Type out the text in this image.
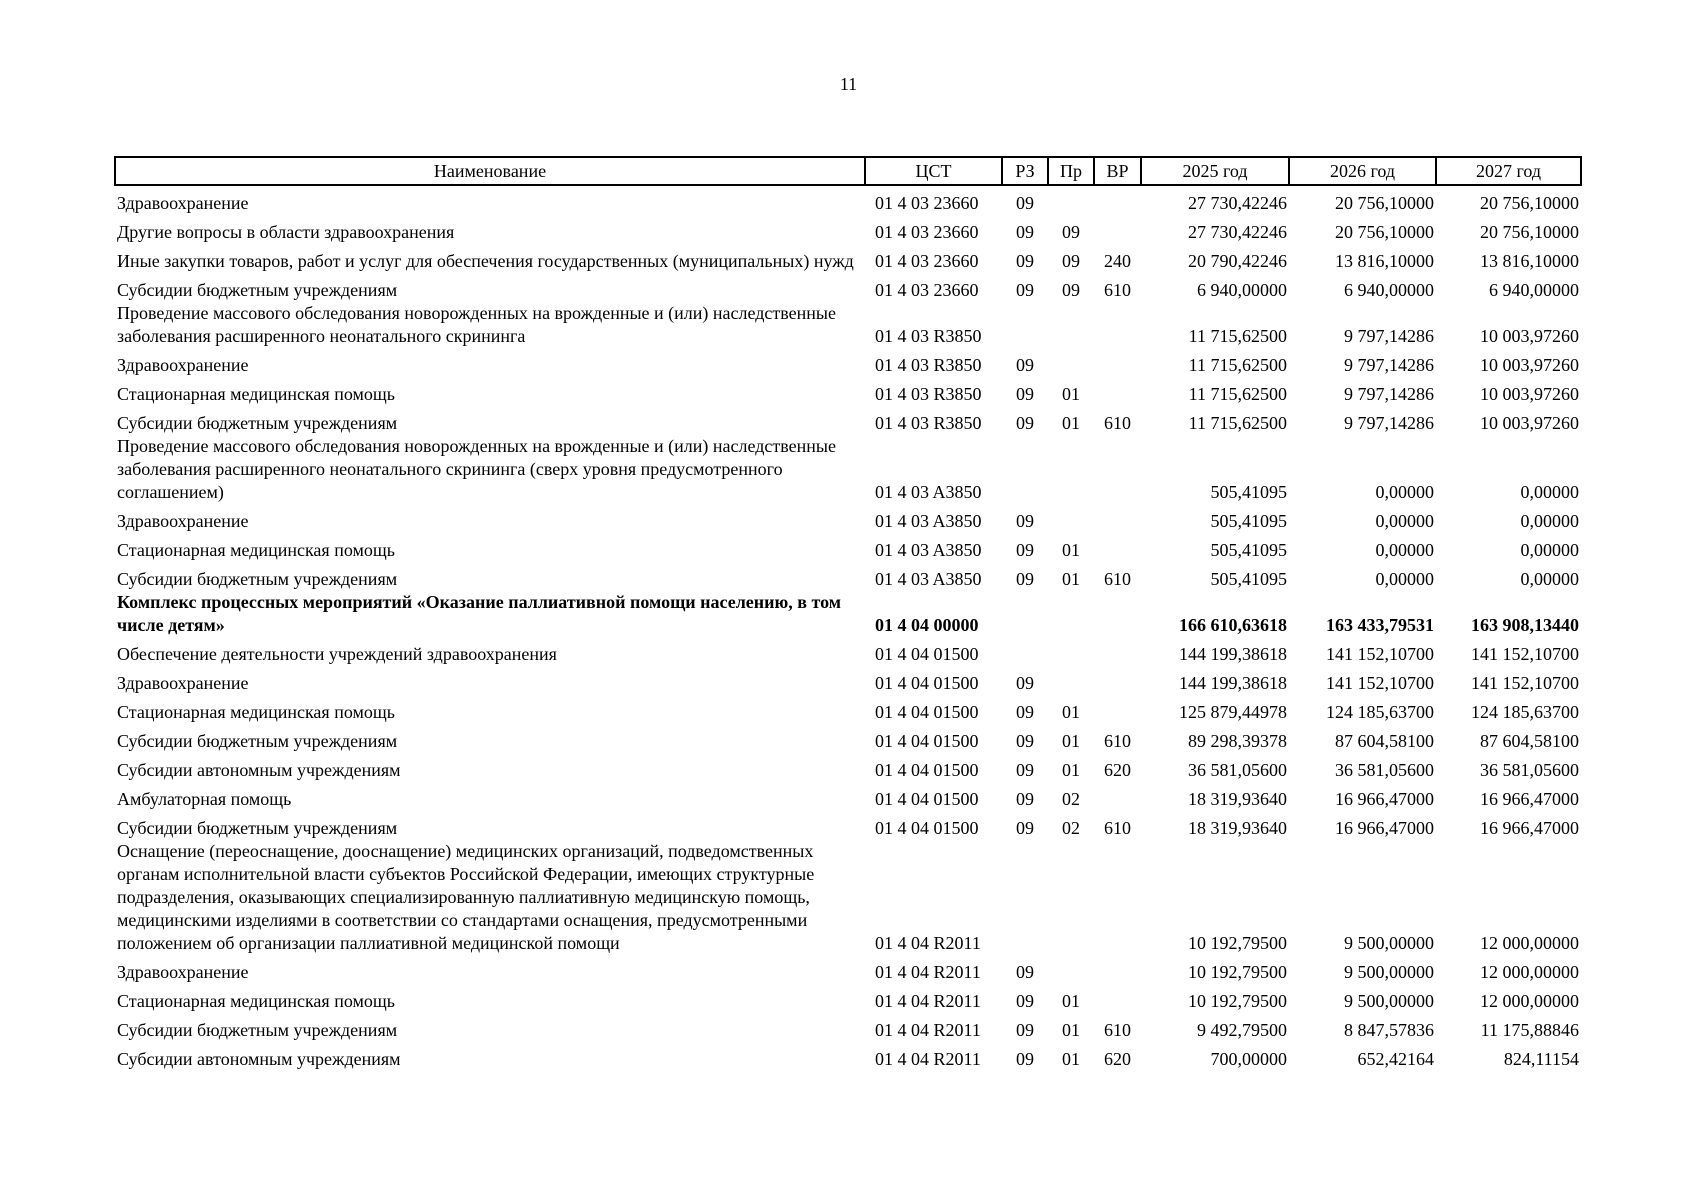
11
Наименование	ЦСТ	РЗ	Пр	ВР	2025 год	2026 год	2027 год
Здравоохранение	01 4 03 23660	09			27 730,42246	20 756,10000	20 756,10000
Другие вопросы в области здравоохранения	01 4 03 23660	09	09		27 730,42246	20 756,10000	20 756,10000
Иные закупки товаров, работ и услуг для обеспечения государственных (муниципальных) нужд	01 4 03 23660	09	09	240	20 790,42246	13 816,10000	13 816,10000
Субсидии бюджетным учреждениям	01 4 03 23660	09	09	610	6 940,00000	6 940,00000	6 940,00000
Проведение массового обследования новорожденных на врожденные и (или) наследственные заболевания расширенного неонатального скрининга	01 4 03 R3850				11 715,62500	9 797,14286	10 003,97260
Здравоохранение	01 4 03 R3850	09			11 715,62500	9 797,14286	10 003,97260
Стационарная медицинская помощь	01 4 03 R3850	09	01		11 715,62500	9 797,14286	10 003,97260
Субсидии бюджетным учреждениям	01 4 03 R3850	09	01	610	11 715,62500	9 797,14286	10 003,97260
Проведение массового обследования новорожденных на врожденные и (или) наследственные заболевания расширенного неонатального скрининга (сверх уровня предусмотренного соглашением)	01 4 03 A3850				505,41095	0,00000	0,00000
Здравоохранение	01 4 03 A3850	09			505,41095	0,00000	0,00000
Стационарная медицинская помощь	01 4 03 A3850	09	01		505,41095	0,00000	0,00000
Субсидии бюджетным учреждениям	01 4 03 A3850	09	01	610	505,41095	0,00000	0,00000
Комплекс процессных мероприятий «Оказание паллиативной помощи населению, в том числе детям»	01 4 04 00000				166 610,63618	163 433,79531	163 908,13440
Обеспечение деятельности учреждений здравоохранения	01 4 04 01500				144 199,38618	141 152,10700	141 152,10700
Здравоохранение	01 4 04 01500	09			144 199,38618	141 152,10700	141 152,10700
Стационарная медицинская помощь	01 4 04 01500	09	01		125 879,44978	124 185,63700	124 185,63700
Субсидии бюджетным учреждениям	01 4 04 01500	09	01	610	89 298,39378	87 604,58100	87 604,58100
Субсидии автономным учреждениям	01 4 04 01500	09	01	620	36 581,05600	36 581,05600	36 581,05600
Амбулаторная помощь	01 4 04 01500	09	02		18 319,93640	16 966,47000	16 966,47000
Субсидии бюджетным учреждениям	01 4 04 01500	09	02	610	18 319,93640	16 966,47000	16 966,47000
Оснащение (переоснащение, дооснащение) медицинских организаций, подведомственных органам исполнительной власти субъектов Российской Федерации, имеющих структурные подразделения, оказывающих специализированную паллиативную медицинскую помощь, медицинскими изделиями в соответствии со стандартами оснащения, предусмотренными положением об организации паллиативной медицинской помощи	01 4 04 R2011				10 192,79500	9 500,00000	12 000,00000
Здравоохранение	01 4 04 R2011	09			10 192,79500	9 500,00000	12 000,00000
Стационарная медицинская помощь	01 4 04 R2011	09	01		10 192,79500	9 500,00000	12 000,00000
Субсидии бюджетным учреждениям	01 4 04 R2011	09	01	610	9 492,79500	8 847,57836	11 175,88846
Субсидии автономным учреждениям	01 4 04 R2011	09	01	620	700,00000	652,42164	824,11154
